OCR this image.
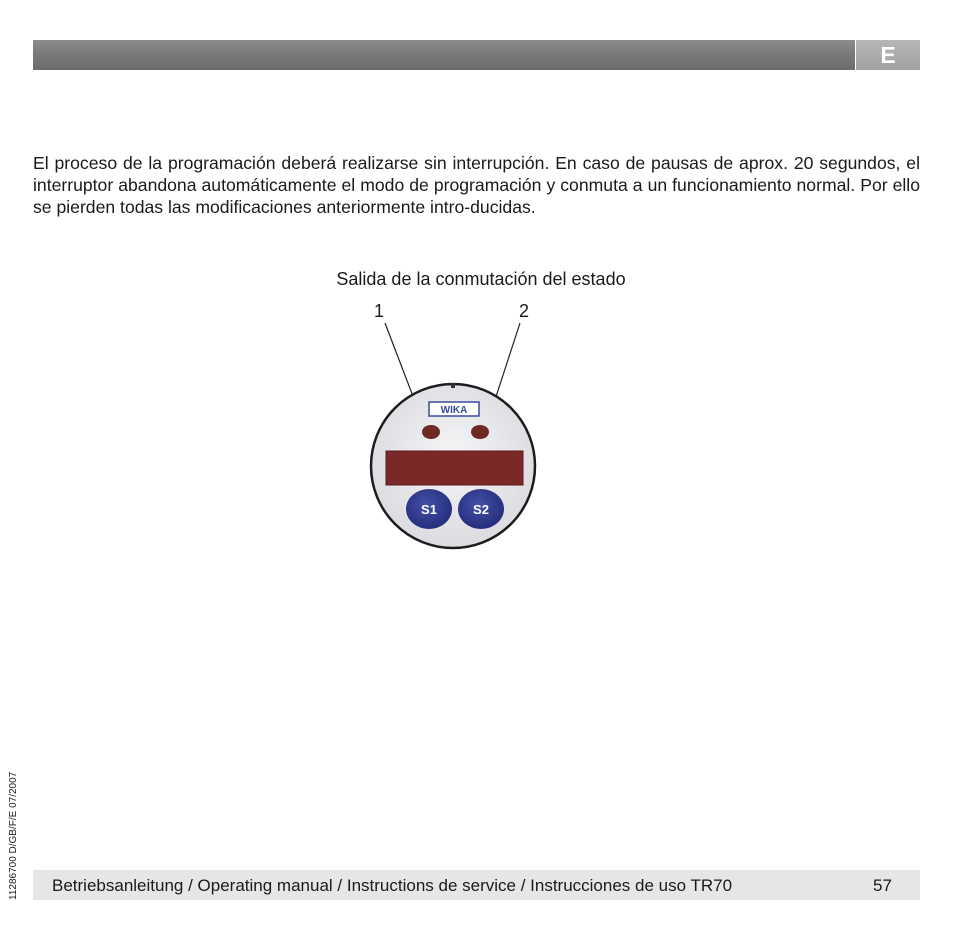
E

El proceso de la programación deberá realizarse sin interrupción. En caso de pausas de aprox. 20 segundos, el interruptor abandona automáticamente el modo de programación y conmuta a un funcionamiento normal. Por ello se pierden todas las modificaciones anteriormente intro-ducidas.

Salida de la conmutación del estado
1	2
WIKA
S1	S2
11286700 D/GB/F/E 07/2007 Betriebsanleitung / Operating manual / Instructions de service / Instrucciones de uso TR70	57
